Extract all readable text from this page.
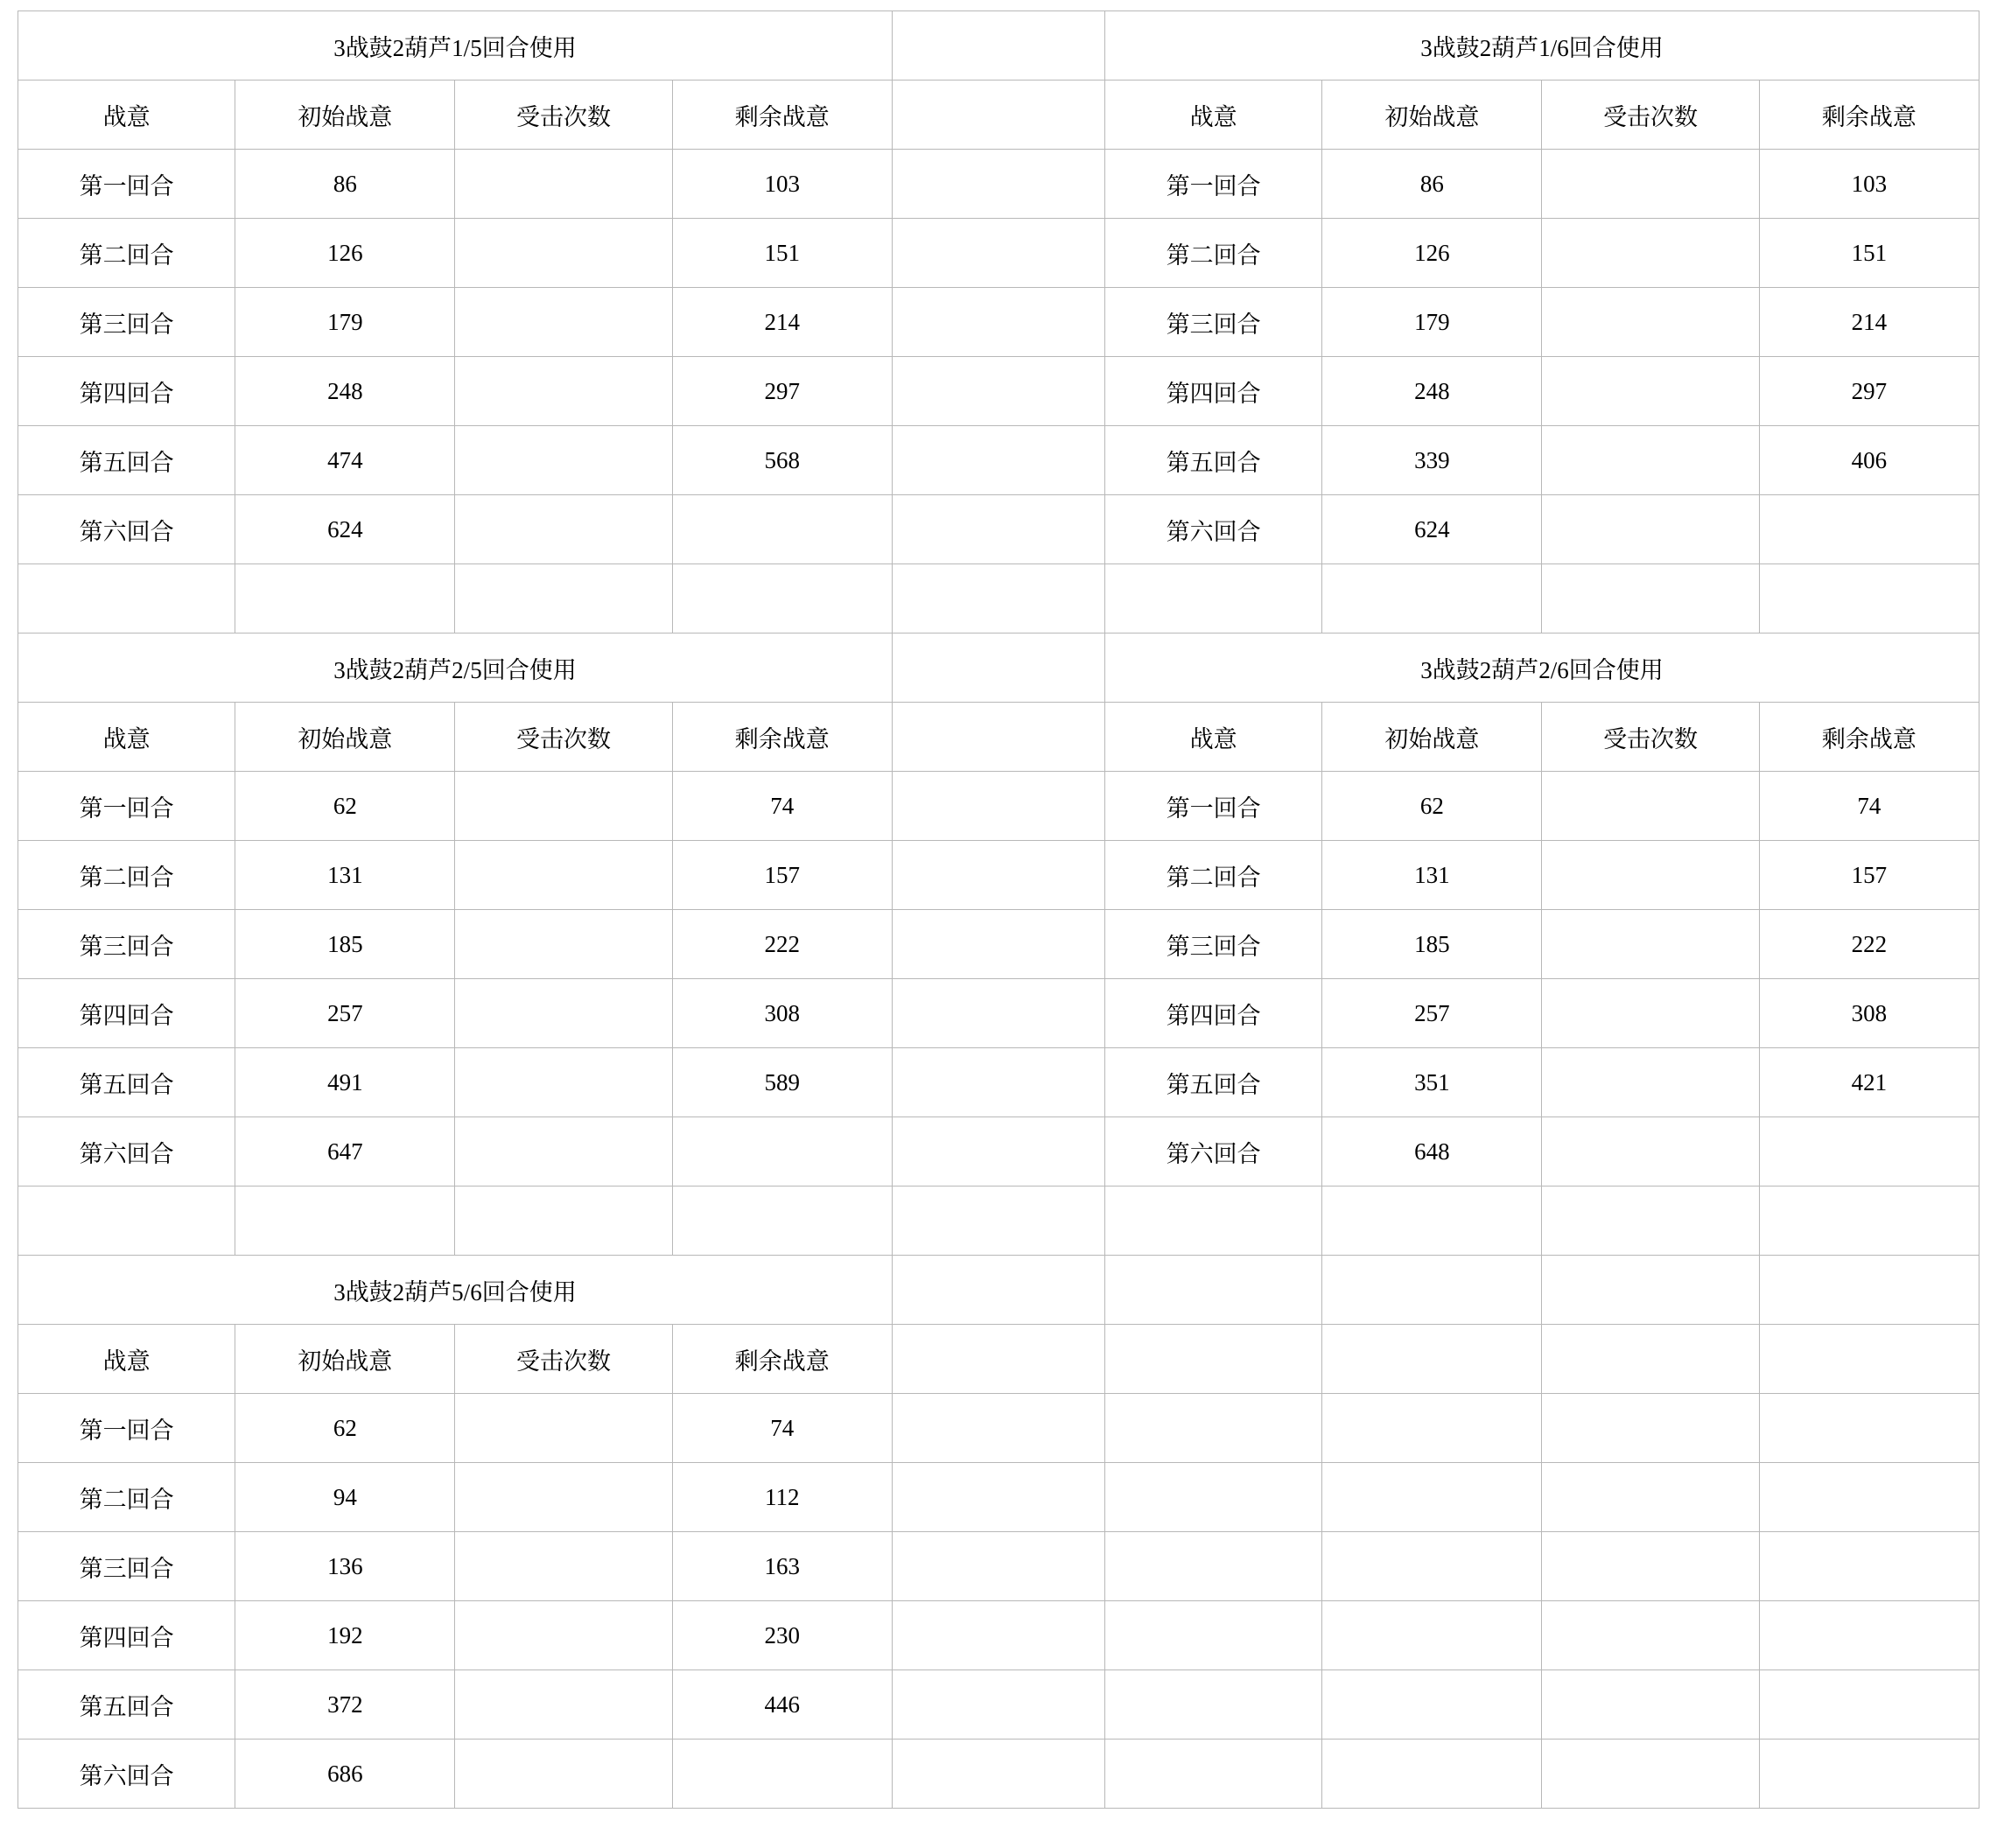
3战鼓2葫芦1/5回合使用					3战鼓2葫芦1/6回合使用			
战意	初始战意	受击次数	剩余战意		战意	初始战意	受击次数	剩余战意
第一回合	86		103		第一回合	86		103
第二回合	126		151		第二回合	126		151
第三回合	179		214		第三回合	179		214
第四回合	248		297		第四回合	248		297
第五回合	474		568		第五回合	339		406
第六回合	624				第六回合	624		

3战鼓2葫芦2/5回合使用					3战鼓2葫芦2/6回合使用			
战意	初始战意	受击次数	剩余战意		战意	初始战意	受击次数	剩余战意
第一回合	62		74		第一回合	62		74
第二回合	131		157		第二回合	131		157
第三回合	185		222		第三回合	185		222
第四回合	257		308		第四回合	257		308
第五回合	491		589		第五回合	351		421
第六回合	647				第六回合	648		

3战鼓2葫芦5/6回合使用								
战意	初始战意	受击次数	剩余战意					
第一回合	62		74					
第二回合	94		112					
第三回合	136		163					
第四回合	192		230					
第五回合	372		446					
第六回合	686							
